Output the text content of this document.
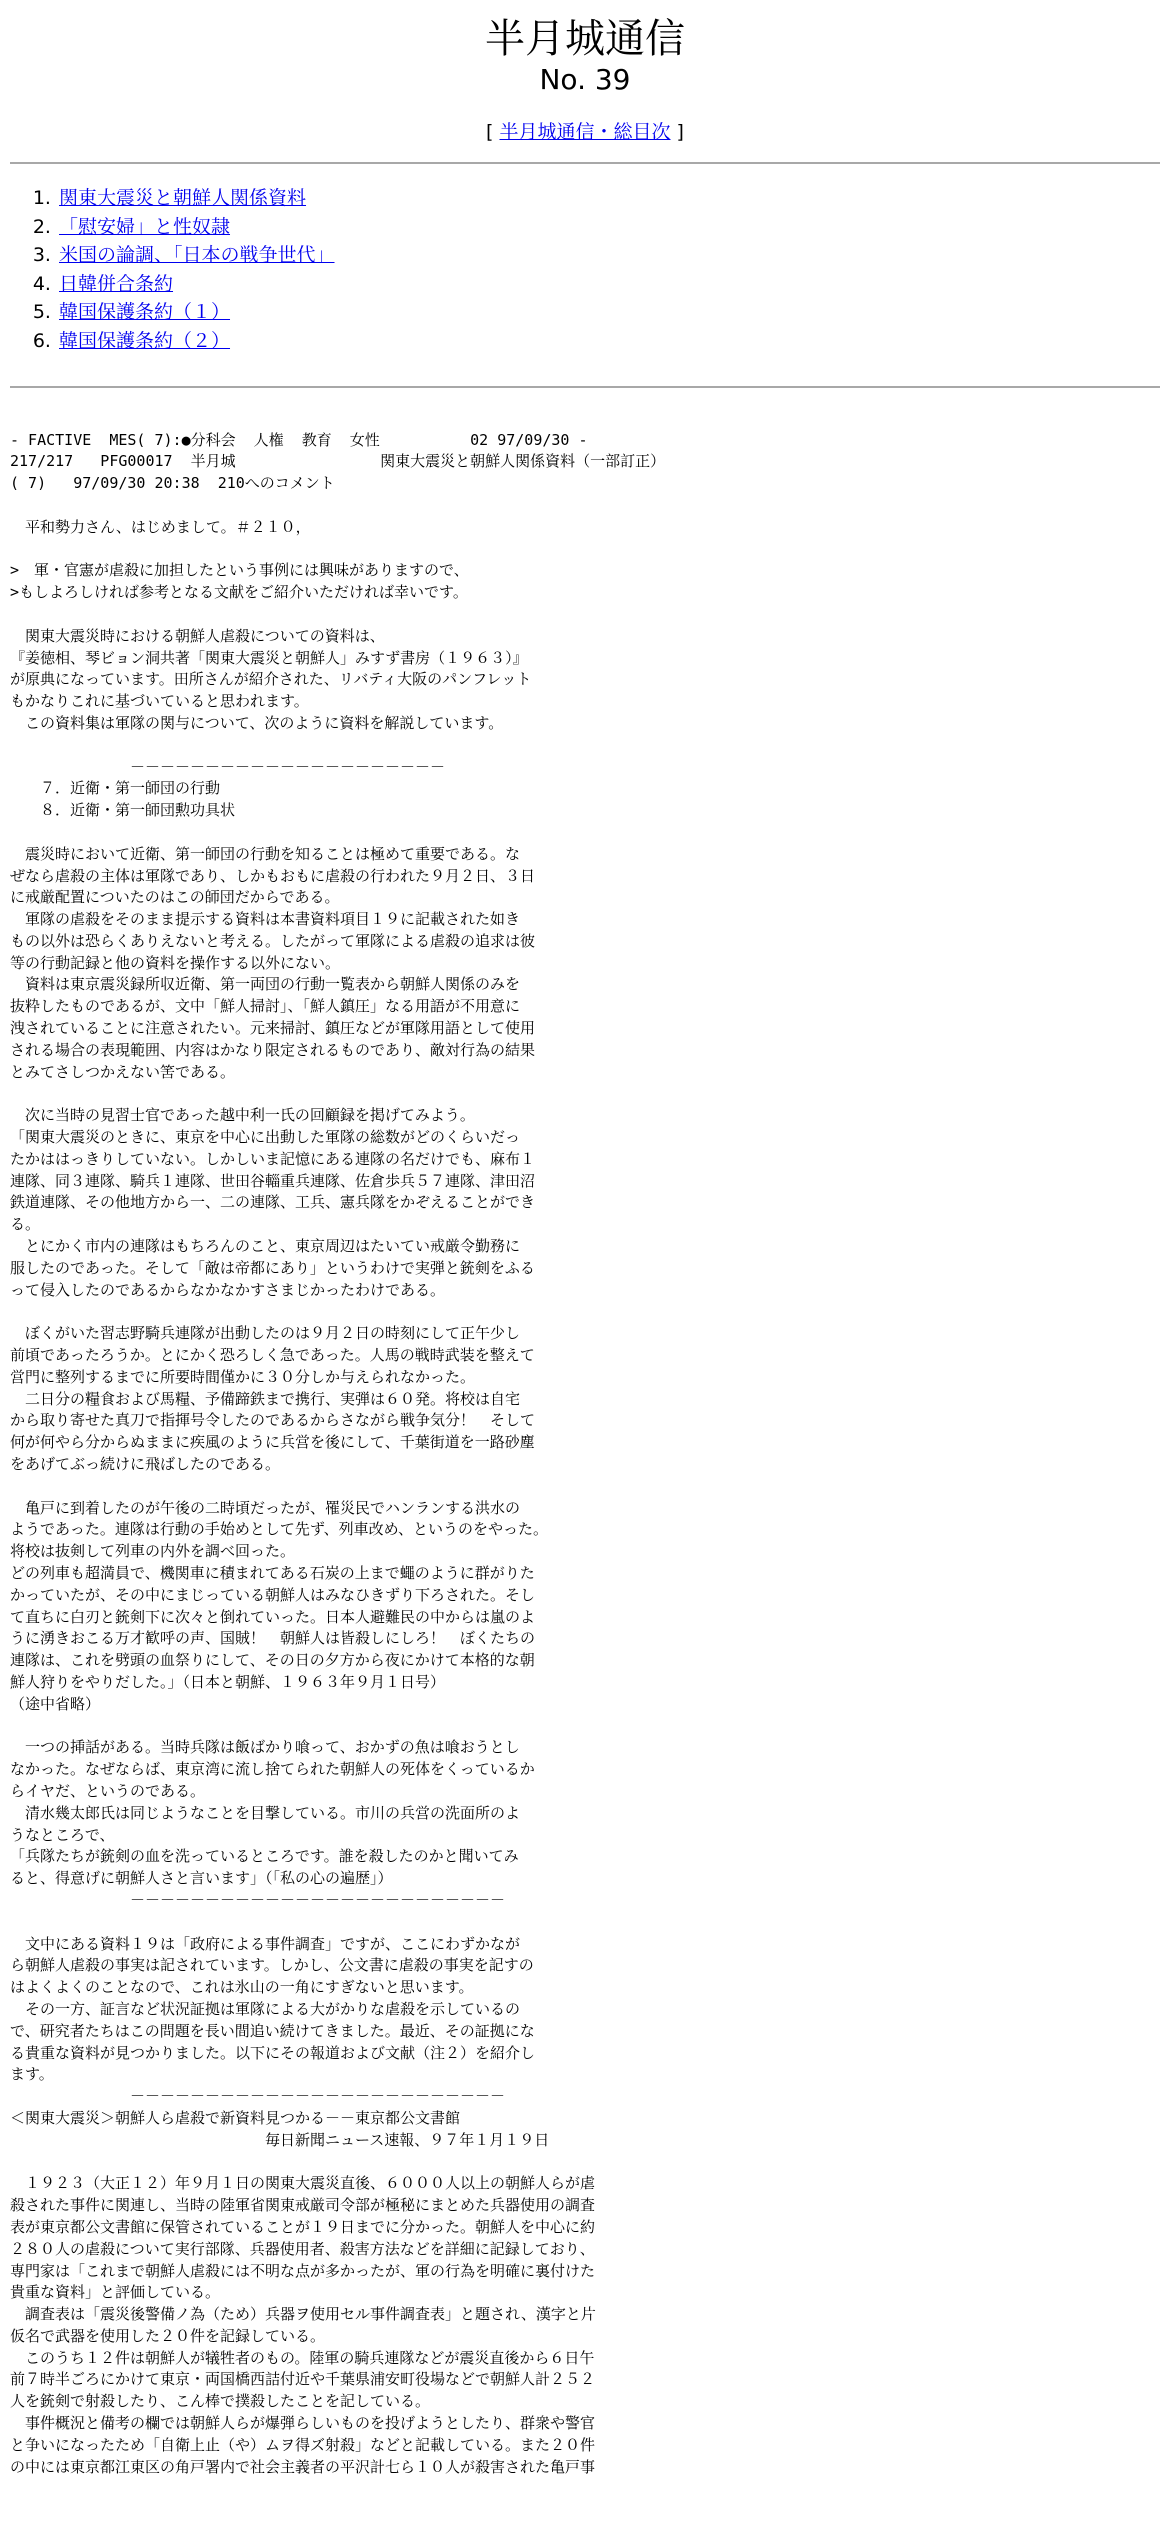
半月城通信
No. 39
[ 半月城通信・総目次 ]
1. 関東大震災と朝鮮人関係資料
2. 「慰安婦」と性奴隷
3. 米国の論調、「日本の戦争世代」
4. 日韓併合条約
5. 韓国保護条約（１）
6. 韓国保護条約（２）
- FACTIVE  MES( 7):●分科会  人権  教育  女性          02 97/09/30 -
217/217   PFG00017  半月城                関東大震災と朝鮮人関係資料（一部訂正）
( 7)   97/09/30 20:38  210へのコメント

　平和勢力さん、はじめまして。＃２１０，

>　軍・官憲が虐殺に加担したという事例には興味がありますので、
>もしよろしければ参考となる文献をご紹介いただければ幸いです。

　関東大震災時における朝鮮人虐殺についての資料は、
『姜徳相、琴ビョン洞共著「関東大震災と朝鮮人」みすず書房（１９６３）』
が原典になっています。田所さんが紹介された、リバティ大阪のパンフレット
もかなりこれに基づいていると思われます。
　この資料集は軍隊の関与について、次のように資料を解説しています。

　　　　　　　　－－－－－－－－－－－－－－－－－－－－－
　　７．近衛・第一師団の行動
　　８．近衛・第一師団勲功具状

　震災時において近衛、第一師団の行動を知ることは極めて重要である。な
ぜなら虐殺の主体は軍隊であり、しかもおもに虐殺の行われた９月２日、３日
に戒厳配置についたのはこの師団だからである。
　軍隊の虐殺をそのまま提示する資料は本書資料項目１９に記載された如き
もの以外は恐らくありえないと考える。したがって軍隊による虐殺の追求は彼
等の行動記録と他の資料を操作する以外にない。
　資料は東京震災録所収近衛、第一両団の行動一覧表から朝鮮人関係のみを
抜粋したものであるが、文中「鮮人掃討」、「鮮人鎮圧」なる用語が不用意に
洩されていることに注意されたい。元来掃討、鎮圧などが軍隊用語として使用
される場合の表現範囲、内容はかなり限定されるものであり、敵対行為の結果
とみてさしつかえない筈である。

　次に当時の見習士官であった越中利一氏の回顧録を掲げてみよう。
「関東大震災のときに、東京を中心に出動した軍隊の総数がどのくらいだっ
たかははっきりしていない。しかしいま記憶にある連隊の名だけでも、麻布１
連隊、同３連隊、騎兵１連隊、世田谷輜重兵連隊、佐倉歩兵５７連隊、津田沼
鉄道連隊、その他地方から一、二の連隊、工兵、憲兵隊をかぞえることができ
る。
　とにかく市内の連隊はもちろんのこと、東京周辺はたいてい戒厳令勤務に
服したのであった。そして「敵は帝都にあり」というわけで実弾と銃剣をふる
って侵入したのであるからなかなかすさまじかったわけである。

　ぼくがいた習志野騎兵連隊が出動したのは９月２日の時刻にして正午少し
前頃であったろうか。とにかく恐ろしく急であった。人馬の戦時武装を整えて
営門に整列するまでに所要時間僅かに３０分しか与えられなかった。
　二日分の糧食および馬糧、予備蹄鉄まで携行、実弾は６０発。将校は自宅
から取り寄せた真刀で指揮号令したのであるからさながら戦争気分！　そして
何が何やら分からぬままに疾風のように兵営を後にして、千葉街道を一路砂塵
をあげてぶっ続けに飛ばしたのである。

　亀戸に到着したのが午後の二時頃だったが、罹災民でハンランする洪水の
ようであった。連隊は行動の手始めとして先ず、列車改め、というのをやった。
将校は抜剣して列車の内外を調べ回った。
どの列車も超満員で、機関車に積まれてある石炭の上まで蠅のように群がりた
かっていたが、その中にまじっている朝鮮人はみなひきずり下ろされた。そし
て直ちに白刃と銃剣下に次々と倒れていった。日本人避難民の中からは嵐のよ
うに湧きおこる万才歓呼の声、国賊！　朝鮮人は皆殺しにしろ！　ぼくたちの
連隊は、これを劈頭の血祭りにして、その日の夕方から夜にかけて本格的な朝
鮮人狩りをやりだした。」（日本と朝鮮、１９６３年９月１日号）
（途中省略）

　一つの挿話がある。当時兵隊は飯ばかり喰って、おかずの魚は喰おうとし
なかった。なぜならば、東京湾に流し捨てられた朝鮮人の死体をくっているか
らイヤだ、というのである。
　清水幾太郎氏は同じようなことを目撃している。市川の兵営の洗面所のよ
うなところで、
「兵隊たちが銃剣の血を洗っているところです。誰を殺したのかと聞いてみ
ると、得意げに朝鮮人さと言います」（「私の心の遍歴」）
　　　　　　　　－－－－－－－－－－－－－－－－－－－－－－－－－

　文中にある資料１９は「政府による事件調査」ですが、ここにわずかなが
ら朝鮮人虐殺の事実は記されています。しかし、公文書に虐殺の事実を記すの
はよくよくのことなので、これは氷山の一角にすぎないと思います。
　その一方、証言など状況証拠は軍隊による大がかりな虐殺を示しているの
で、研究者たちはこの問題を長い間追い続けてきました。最近、その証拠にな
る貴重な資料が見つかりました。以下にその報道および文献（注２）を紹介し
ます。
　　　　　　　　－－－－－－－－－－－－－－－－－－－－－－－－－
＜関東大震災＞朝鮮人ら虐殺で新資料見つかる－－東京都公文書館
　　　　　　　　　　　　　　　　　毎日新聞ニュース速報、９７年１月１９日

　１９２３（大正１２）年９月１日の関東大震災直後、６０００人以上の朝鮮人らが虐
殺された事件に関連し、当時の陸軍省関東戒厳司令部が極秘にまとめた兵器使用の調査
表が東京都公文書館に保管されていることが１９日までに分かった。朝鮮人を中心に約
２８０人の虐殺について実行部隊、兵器使用者、殺害方法などを詳細に記録しており、
専門家は「これまで朝鮮人虐殺には不明な点が多かったが、軍の行為を明確に裏付けた
貴重な資料」と評価している。
　調査表は「震災後警備ノ為（ため）兵器ヲ使用セル事件調査表」と題され、漢字と片
仮名で武器を使用した２０件を記録している。
　このうち１２件は朝鮮人が犠牲者のもの。陸軍の騎兵連隊などが震災直後から６日午
前７時半ごろにかけて東京・両国橋西詰付近や千葉県浦安町役場などで朝鮮人計２５２
人を銃剣で射殺したり、こん棒で撲殺したことを記している。
　事件概況と備考の欄では朝鮮人らが爆弾らしいものを投げようとしたり、群衆や警官
と争いになったため「自衛上止（や）ムヲ得ズ射殺」などと記載している。また２０件
の中には東京都江東区の角戸署内で社会主義者の平沢計七ら１０人が殺害された亀戸事
